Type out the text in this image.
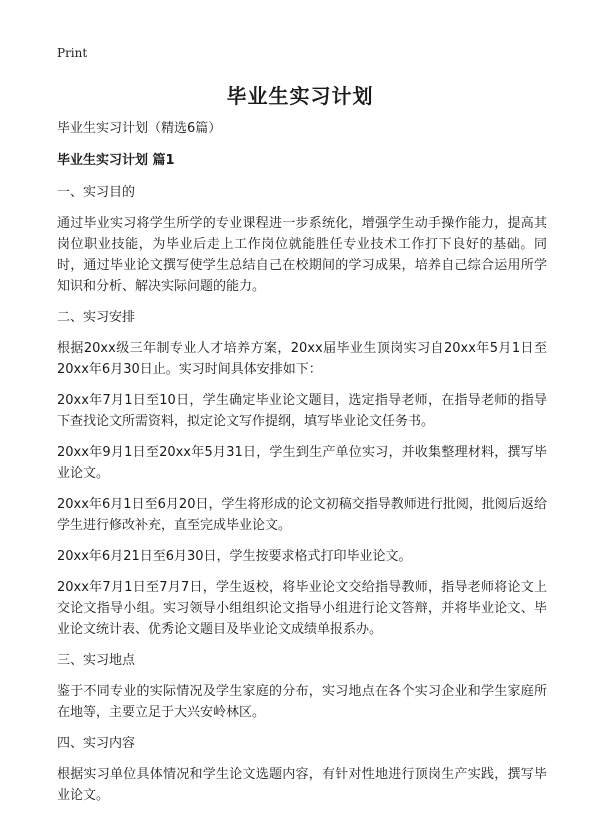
Print
毕业生实习计划

毕业生实习计划（精选6篇）

毕业生实习计划 篇1

一、实习目的

通过毕业实习将学生所学的专业课程进一步系统化，增强学生动手操作能力，提高其岗位职业技能，为毕业后走上工作岗位就能胜任专业技术工作打下良好的基础。同时，通过毕业论文撰写使学生总结自己在校期间的学习成果，培养自己综合运用所学知识和分析、解决实际问题的能力。

二、实习安排

根据20xx级三年制专业人才培养方案，20xx届毕业生顶岗实习自20xx年5月1日至20xx年6月30日止。实习时间具体安排如下：

20xx年7月1日至10日，学生确定毕业论文题目，选定指导老师，在指导老师的指导下查找论文所需资料，拟定论文写作提纲，填写毕业论文任务书。

20xx年9月1日至20xx年5月31日，学生到生产单位实习，并收集整理材料，撰写毕业论文。

20xx年6月1日至6月20日，学生将形成的论文初稿交指导教师进行批阅，批阅后返给学生进行修改补充，直至完成毕业论文。

20xx年6月21日至6月30日，学生按要求格式打印毕业论文。

20xx年7月1日至7月7日，学生返校，将毕业论文交给指导教师，指导老师将论文上交论文指导小组。实习领导小组组织论文指导小组进行论文答辩，并将毕业论文、毕业论文统计表、优秀论文题目及毕业论文成绩单报系办。

三、实习地点

鉴于不同专业的实际情况及学生家庭的分布，实习地点在各个实习企业和学生家庭所在地等，主要立足于大兴安岭林区。

四、实习内容

根据实习单位具体情况和学生论文选题内容，有针对性地进行顶岗生产实践，撰写毕业论文。
